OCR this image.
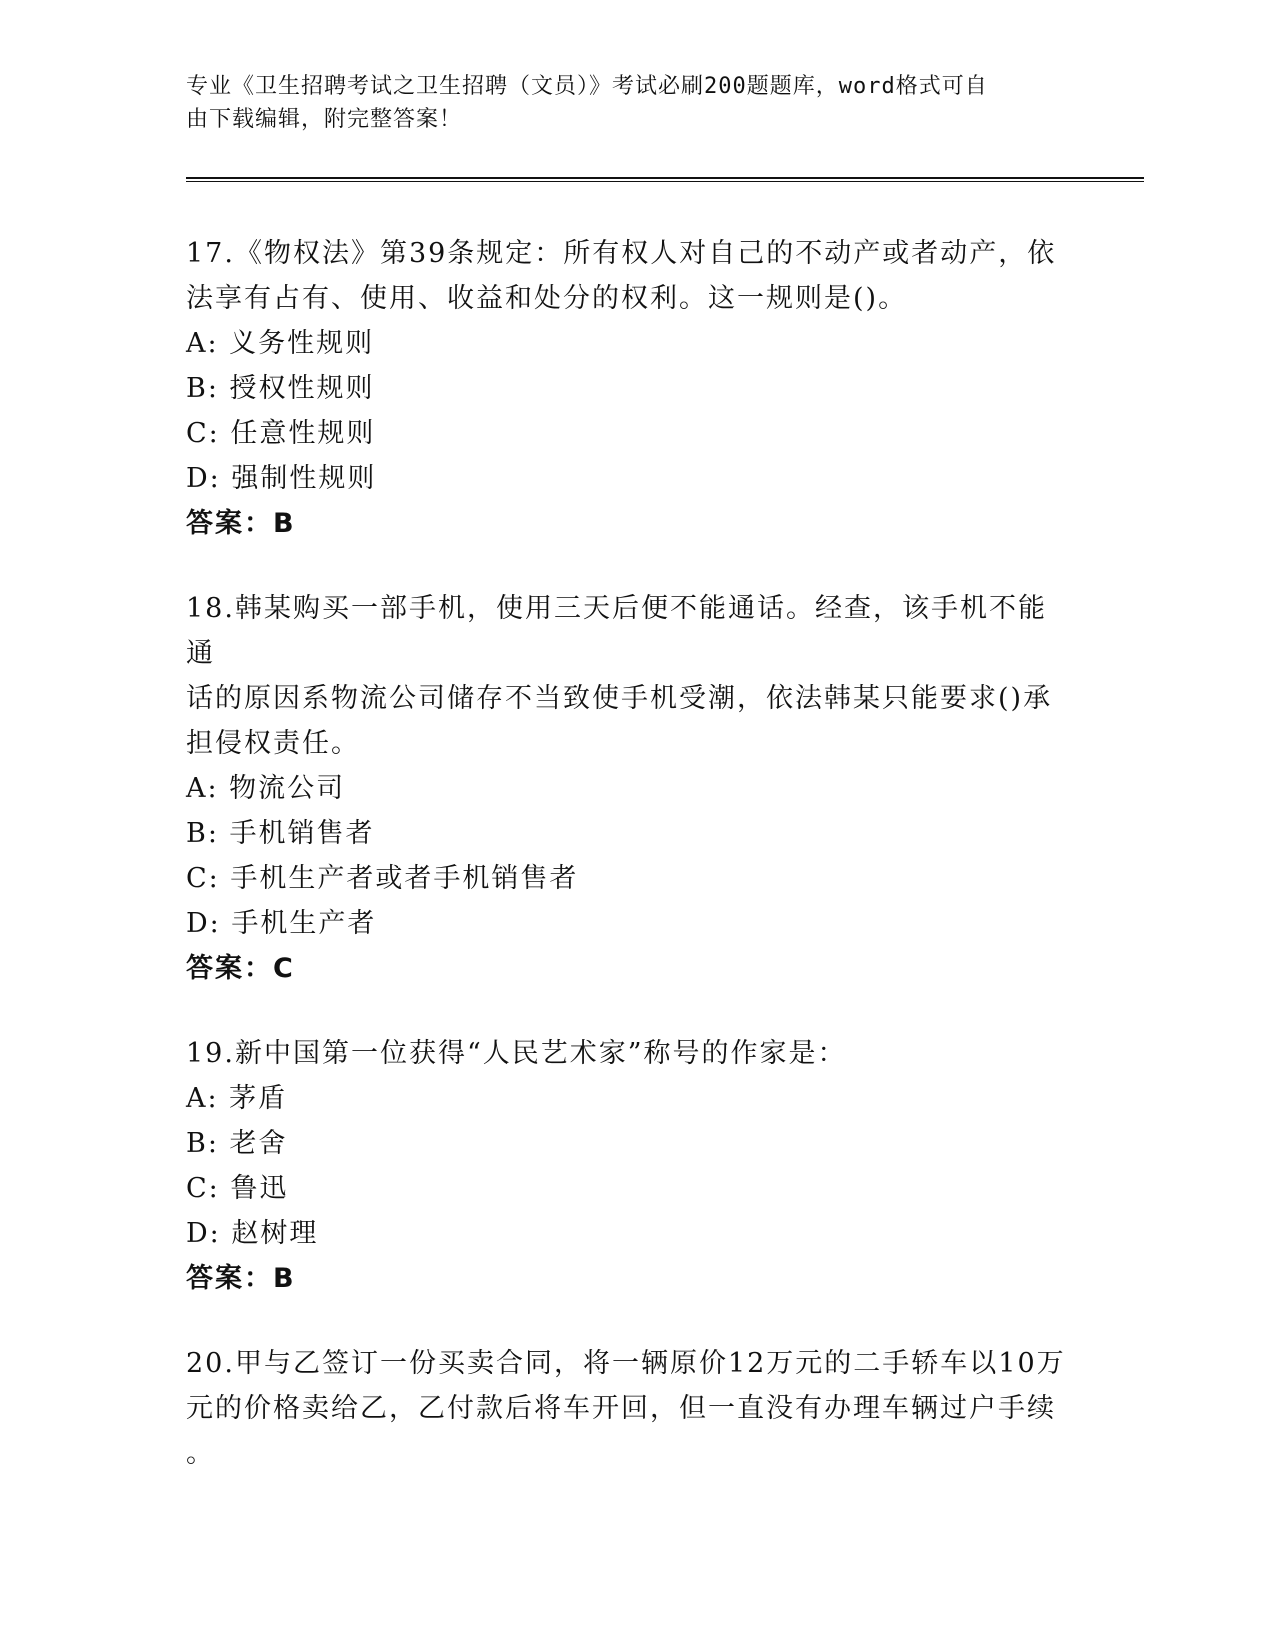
专业《卫生招聘考试之卫生招聘（文员）》考试必刷200题题库，word格式可自
由下载编辑，附完整答案！
17.《物权法》第39条规定：所有权人对自己的不动产或者动产，依
法享有占有、使用、收益和处分的权利。这一规则是()。
A: 义务性规则
B: 授权性规则
C: 任意性规则
D: 强制性规则
答案：B
18.韩某购买一部手机，使用三天后便不能通话。经查，该手机不能通
话的原因系物流公司储存不当致使手机受潮，依法韩某只能要求()承
担侵权责任。
A: 物流公司
B: 手机销售者
C: 手机生产者或者手机销售者
D: 手机生产者
答案：C
19.新中国第一位获得“人民艺术家”称号的作家是：
A: 茅盾
B: 老舍
C: 鲁迅
D: 赵树理
答案：B
20.甲与乙签订一份买卖合同，将一辆原价12万元的二手轿车以10万
元的价格卖给乙，乙付款后将车开回，但一直没有办理车辆过户手续
。
